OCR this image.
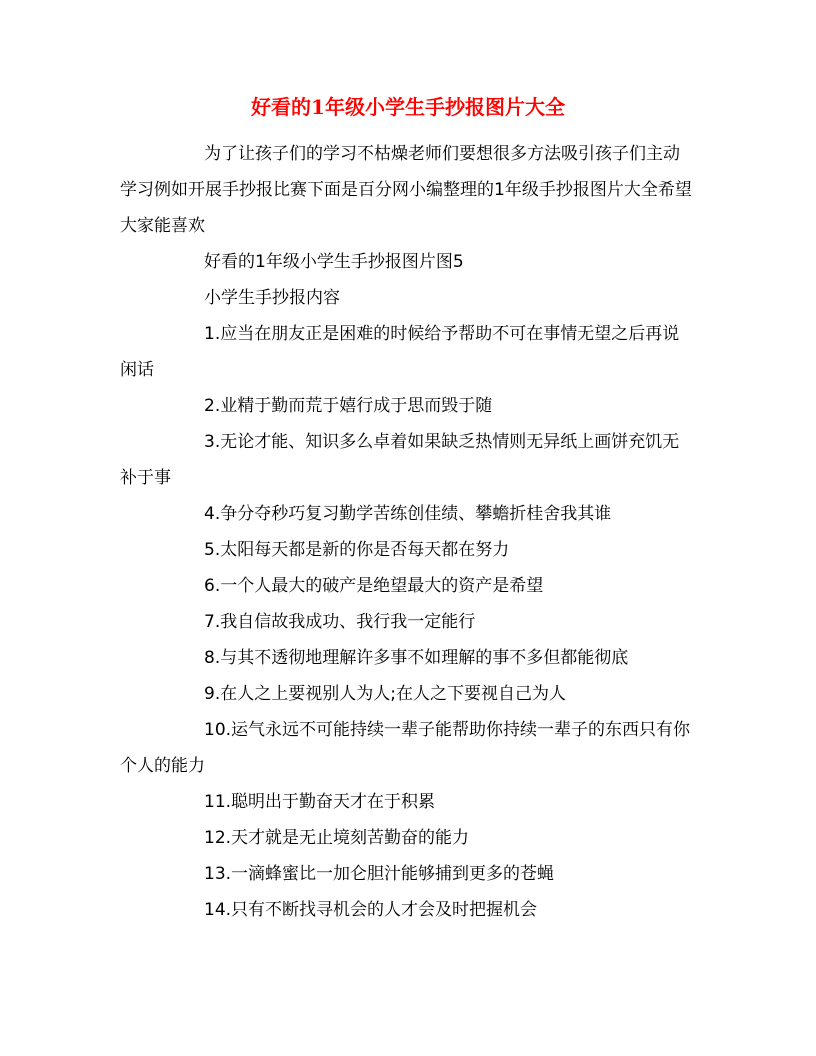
好看的1年级小学生手抄报图片大全

为了让孩子们的学习不枯燥老师们要想很多方法吸引孩子们主动学习例如开展手抄报比赛下面是百分网小编整理的1年级手抄报图片大全希望大家能喜欢

好看的1年级小学生手抄报图片图5

小学生手抄报内容

1.应当在朋友正是困难的时候给予帮助不可在事情无望之后再说闲话

2.业精于勤而荒于嬉行成于思而毁于随

3.无论才能、知识多么卓着如果缺乏热情则无异纸上画饼充饥无补于事

4.争分夺秒巧复习勤学苦练创佳绩、攀蟾折桂舍我其谁

5.太阳每天都是新的你是否每天都在努力

6.一个人最大的破产是绝望最大的资产是希望

7.我自信故我成功、我行我一定能行

8.与其不透彻地理解许多事不如理解的事不多但都能彻底

9.在人之上要视别人为人;在人之下要视自己为人

10.运气永远不可能持续一辈子能帮助你持续一辈子的东西只有你个人的能力

11.聪明出于勤奋天才在于积累

12.天才就是无止境刻苦勤奋的能力

13.一滴蜂蜜比一加仑胆汁能够捕到更多的苍蝇

14.只有不断找寻机会的人才会及时把握机会
